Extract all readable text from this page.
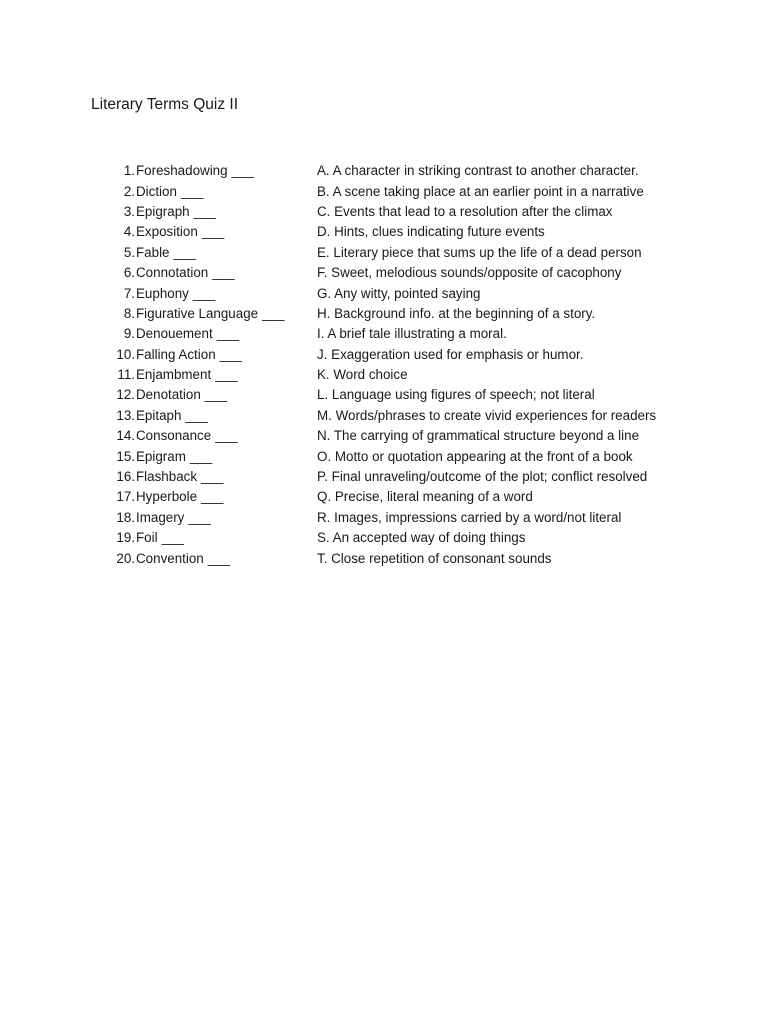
Literary Terms Quiz II
1. Foreshadowing ___	A. A character in striking contrast to another character.
2. Diction ___	B. A scene taking place at an earlier point in a narrative
3. Epigraph ___	C. Events that lead to a resolution after the climax
4. Exposition ___	D. Hints, clues indicating future events
5. Fable ___	E. Literary piece that sums up the life of a dead person
6. Connotation ___	F. Sweet, melodious sounds/opposite of cacophony
7. Euphony ___	G. Any witty, pointed saying
8. Figurative Language ___	H. Background info. at the beginning of a story.
9. Denouement ___	I. A brief tale illustrating a moral.
10. Falling Action ___	J. Exaggeration used for emphasis or humor.
11. Enjambment ___	K. Word choice
12. Denotation ___	L. Language using figures of speech; not literal
13. Epitaph ___	M. Words/phrases to create vivid experiences for readers
14. Consonance ___	N. The carrying of grammatical structure beyond a line
15. Epigram ___	O. Motto or quotation appearing at the front of a book
16. Flashback ___	P. Final unraveling/outcome of the plot; conflict resolved
17. Hyperbole ___	Q. Precise, literal meaning of a word
18. Imagery ___	R. Images, impressions carried by a word/not literal
19. Foil ___	S. An accepted way of doing things
20. Convention ___	T. Close repetition of consonant sounds
